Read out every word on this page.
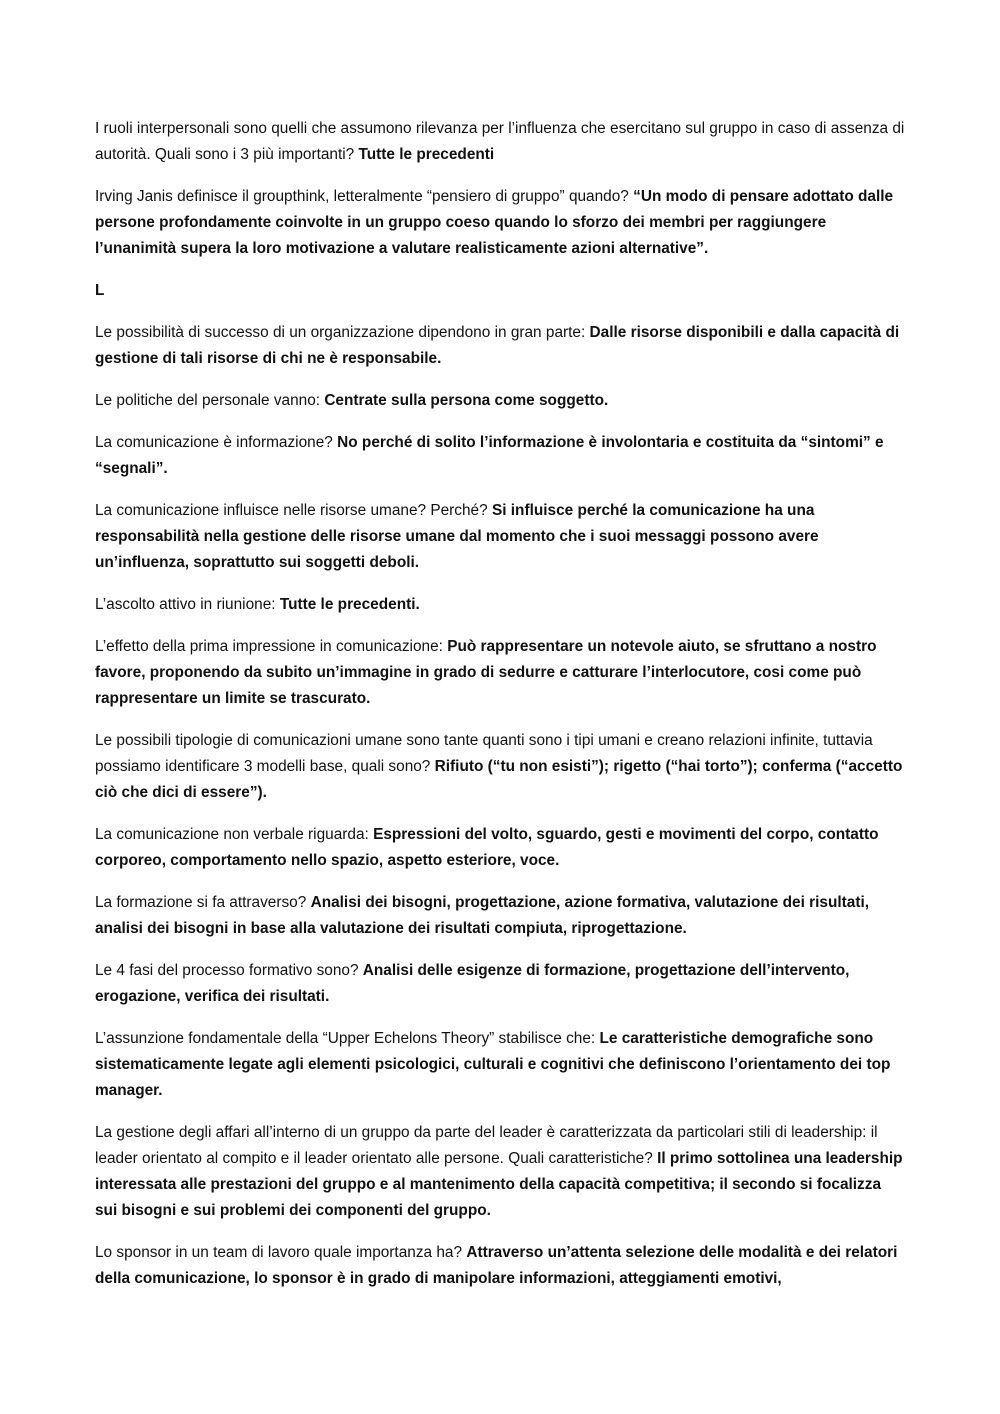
I ruoli interpersonali sono quelli che assumono rilevanza per l’influenza che esercitano sul gruppo in caso di assenza di autorità. Quali sono i 3 più importanti? Tutte le precedenti

Irving Janis definisce il groupthink, letteralmente “pensiero di gruppo” quando? “Un modo di pensare adottato dalle persone profondamente coinvolte in un gruppo coeso quando lo sforzo dei membri per raggiungere l’unanimità supera la loro motivazione a valutare realisticamente azioni alternative”.

L

Le possibilità di successo di un organizzazione dipendono in gran parte: Dalle risorse disponibili e dalla capacità di gestione di tali risorse di chi ne è responsabile.

Le politiche del personale vanno: Centrate sulla persona come soggetto.

La comunicazione è informazione? No perché di solito l’informazione è involontaria e costituita da “sintomi” e “segnali”.

La comunicazione influisce nelle risorse umane? Perché? Si influisce perché la comunicazione ha una responsabilità nella gestione delle risorse umane dal momento che i suoi messaggi possono avere un’influenza, soprattutto sui soggetti deboli.

L’ascolto attivo in riunione: Tutte le precedenti.

L’effetto della prima impressione in comunicazione: Può rappresentare un notevole aiuto, se sfruttano a nostro favore, proponendo da subito un’immagine in grado di sedurre e catturare l’interlocutore, cosi come può rappresentare un limite se trascurato.

Le possibili tipologie di comunicazioni umane sono tante quanti sono i tipi umani e creano relazioni infinite, tuttavia possiamo identificare 3 modelli base, quali sono? Rifiuto (“tu non esisti”); rigetto (“hai torto”); conferma (“accetto ciò che dici di essere”).

La comunicazione non verbale riguarda: Espressioni del volto, sguardo, gesti e movimenti del corpo, contatto corporeo, comportamento nello spazio, aspetto esteriore, voce.

La formazione si fa attraverso? Analisi dei bisogni, progettazione, azione formativa, valutazione dei risultati, analisi dei bisogni in base alla valutazione dei risultati compiuta, riprogettazione.

Le 4 fasi del processo formativo sono? Analisi delle esigenze di formazione, progettazione dell’intervento, erogazione, verifica dei risultati.

L’assunzione fondamentale della “Upper Echelons Theory” stabilisce che: Le caratteristiche demografiche sono sistematicamente legate agli elementi psicologici, culturali e cognitivi che definiscono l’orientamento dei top manager.

La gestione degli affari all’interno di un gruppo da parte del leader è caratterizzata da particolari stili di leadership: il leader orientato al compito e il leader orientato alle persone. Quali caratteristiche? Il primo sottolinea una leadership interessata alle prestazioni del gruppo e al mantenimento della capacità competitiva; il secondo si focalizza sui bisogni e sui problemi dei componenti del gruppo.

Lo sponsor in un team di lavoro quale importanza ha? Attraverso un’attenta selezione delle modalità e dei relatori della comunicazione, lo sponsor è in grado di manipolare informazioni, atteggiamenti emotivi,
